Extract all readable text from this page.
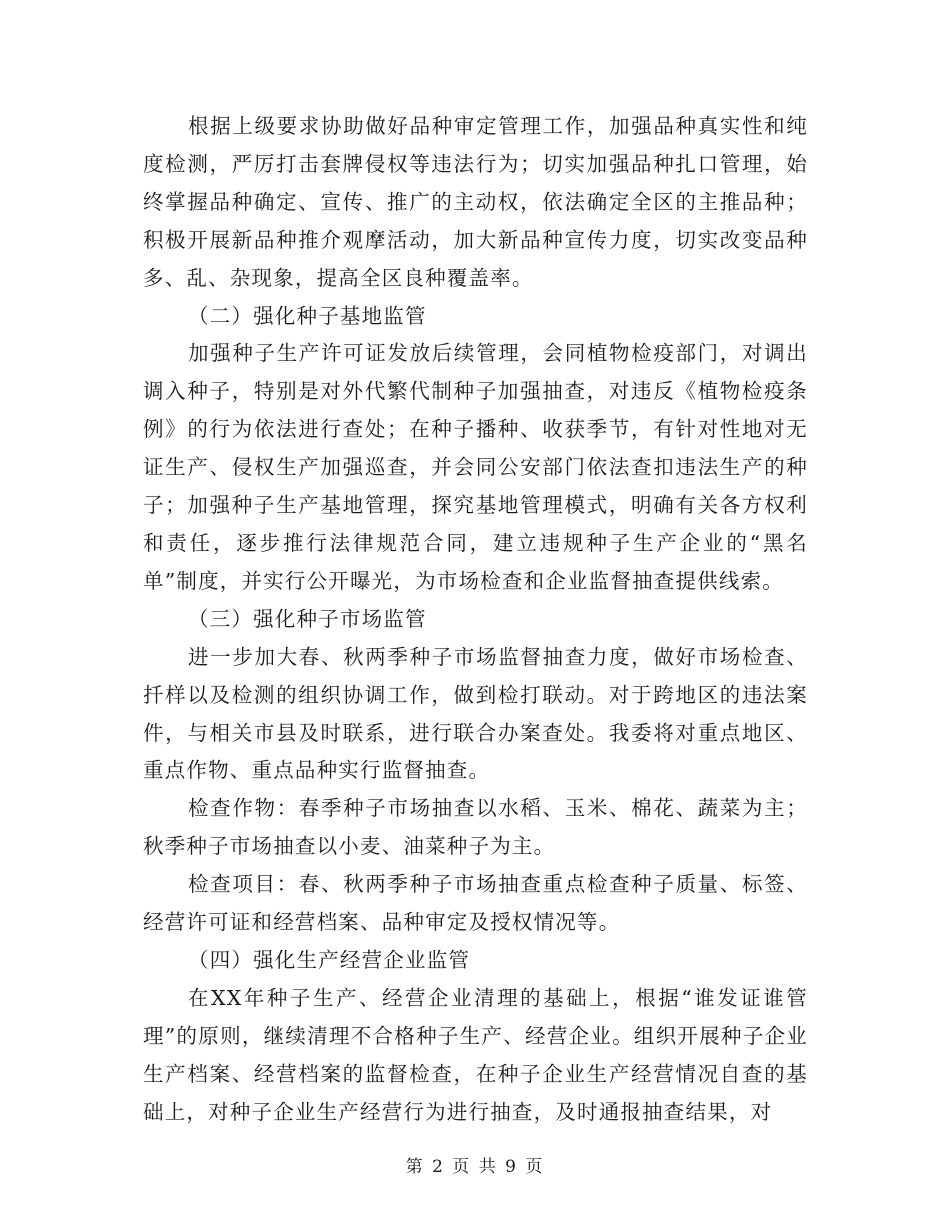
根据上级要求协助做好品种审定管理工作，加强品种真实性和纯度检测，严厉打击套牌侵权等违法行为；切实加强品种扎口管理，始终掌握品种确定、宣传、推广的主动权，依法确定全区的主推品种；积极开展新品种推介观摩活动，加大新品种宣传力度，切实改变品种多、乱、杂现象，提高全区良种覆盖率。

（二）强化种子基地监管

加强种子生产许可证发放后续管理，会同植物检疫部门，对调出调入种子，特别是对外代繁代制种子加强抽查，对违反《植物检疫条例》的行为依法进行查处；在种子播种、收获季节，有针对性地对无证生产、侵权生产加强巡查，并会同公安部门依法查扣违法生产的种子；加强种子生产基地管理，探究基地管理模式，明确有关各方权利和责任，逐步推行法律规范合同，建立违规种子生产企业的“黑名单”制度，并实行公开曝光，为市场检查和企业监督抽查提供线索。

（三）强化种子市场监管

进一步加大春、秋两季种子市场监督抽查力度，做好市场检查、扦样以及检测的组织协调工作，做到检打联动。对于跨地区的违法案件，与相关市县及时联系，进行联合办案查处。我委将对重点地区、重点作物、重点品种实行监督抽查。

检查作物：春季种子市场抽查以水稻、玉米、棉花、蔬菜为主；秋季种子市场抽查以小麦、油菜种子为主。

检查项目：春、秋两季种子市场抽查重点检查种子质量、标签、经营许可证和经营档案、品种审定及授权情况等。

（四）强化生产经营企业监管

在XX年种子生产、经营企业清理的基础上，根据“谁发证谁管理”的原则，继续清理不合格种子生产、经营企业。组织开展种子企业生产档案、经营档案的监督检查，在种子企业生产经营情况自查的基础上，对种子企业生产经营行为进行抽查，及时通报抽查结果，对

第 2 页 共 9 页
